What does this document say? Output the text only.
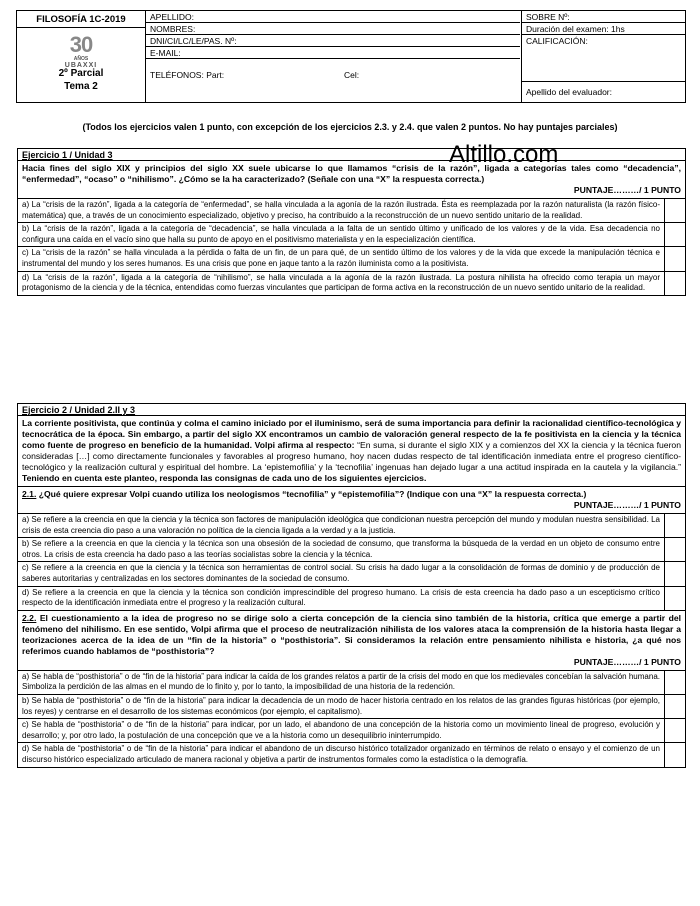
FILOSOFÍA 1C-2019
30
AÑOS
UBAXXI
2º Parcial
Tema 2
APELLIDO:
NOMBRES:
DNI/CI/LC/LE/PAS. Nº:
E-MAIL:
TELÉFONOS: Part:	Cel:
SOBRE Nº:
Duración del examen: 1hs
CALIFICACIÓN:
Apellido del evaluador:
(Todos los ejercicios valen 1 punto, con excepción de los ejercicios 2.3. y 2.4. que valen 2 puntos. No hay puntajes parciales)
Altillo.com
Ejercicio 1 / Unidad 3
Hacia fines del siglo XIX y principios del siglo XX suele ubicarse lo que llamamos “crisis de la razón”, ligada a categorías tales como “decadencia”, “enfermedad”, “ocaso” o “nihilismo”. ¿Cómo se la ha caracterizado? (Señale con una “X” la respuesta correcta.)
PUNTAJE………/ 1 PUNTO
a) La “crisis de la razón”, ligada a la categoría de “enfermedad”, se halla vinculada a la agonía de la razón ilustrada. Ésta es reemplazada por la razón naturalista (la razón físico-matemática) que, a través de un conocimiento especializado, objetivo y preciso, ha contribuido a la reconstrucción de un nuevo sentido unitario de la realidad.	
b) La “crisis de la razón”, ligada a la categoría de “decadencia”, se halla vinculada a la falta de un sentido último y unificado de los valores y de la vida. Esa decadencia no configura una caída en el vacío sino que halla su punto de apoyo en el positivismo materialista y en la especialización científica.	
c) La “crisis de la razón” se halla vinculada a la pérdida o falta de un fin, de un para qué, de un sentido último de los valores y de la vida que excede la manipulación técnica e instrumental del mundo y los seres humanos. Es una crisis que pone en jaque tanto a la razón iluminista como a la positivista.	
d) La “crisis de la razón”, ligada a la categoría de “nihilismo”, se halla vinculada a la agonía de la razón ilustrada. La postura nihilista ha ofrecido como terapia un mayor protagonismo de la ciencia y de la técnica, entendidas como fuerzas vinculantes que participan de forma activa en la reconstrucción de un nuevo sentido unitario de la realidad.	
Ejercicio 2 / Unidad 2.II y 3
La corriente positivista, que continúa y colma el camino iniciado por el iluminismo, será de suma importancia para definir la racionalidad científico-tecnológica y tecnocrática de la época. Sin embargo, a partir del siglo XX encontramos un cambio de valoración general respecto de la fe positivista en la ciencia y la técnica como fuente de progreso en beneficio de la humanidad. Volpi afirma al respecto: “En suma, si durante el siglo XIX y a comienzos del XX la ciencia y la técnica fueron consideradas […] como directamente funcionales y favorables al progreso humano, hoy nacen dudas respecto de tal identificación inmediata entre el progreso científico-tecnológico y la realización cultural y espiritual del hombre. La ‘epistemofilia’ y la ‘tecnofilia’ ingenuas han dejado lugar a una actitud inspirada en la cautela y la vigilancia.” Teniendo en cuenta este planteo, responda las consignas de cada uno de los siguientes ejercicios.
2.1. ¿Qué quiere expresar Volpi cuando utiliza los neologismos “tecnofilia” y “epistemofilia”? (Indique con una “X” la respuesta correcta.)
PUNTAJE………/ 1 PUNTO
a) Se refiere a la creencia en que la ciencia y la técnica son factores de manipulación ideológica que condicionan nuestra percepción del mundo y modulan nuestra sensibilidad. La crisis de esta creencia dio paso a una valoración no política de la ciencia ligada a la verdad y a la justicia.	
b) Se refiere a la creencia en que la ciencia y la técnica son una obsesión de la sociedad de consumo, que transforma la búsqueda de la verdad en un objeto de consumo entre otros. La crisis de esta creencia ha dado paso a las teorías socialistas sobre la ciencia y la técnica.	
c) Se refiere a la creencia en que la ciencia y la técnica son herramientas de control social. Su crisis ha dado lugar a la consolidación de formas de dominio y de producción de saberes autoritarias y centralizadas en los sectores dominantes de la sociedad de consumo.	
d) Se refiere a la creencia en que la ciencia y la técnica son condición imprescindible del progreso humano. La crisis de esta creencia ha dado paso a un escepticismo crítico respecto de la identificación inmediata entre el progreso y la realización cultural.	
2.2. El cuestionamiento a la idea de progreso no se dirige solo a cierta concepción de la ciencia sino también de la historia, crítica que emerge a partir del fenómeno del nihilismo. En ese sentido, Volpi afirma que el proceso de neutralización nihilista de los valores ataca la comprensión de la historia hasta llegar a teorizaciones acerca de la idea de un “fin de la historia” o “posthistoria”. Si consideramos la relación entre pensamiento nihilista e historia, ¿a qué nos referimos cuando hablamos de “posthistoria”?
PUNTAJE………/ 1 PUNTO
a) Se habla de “posthistoria” o de “fin de la historia” para indicar la caída de los grandes relatos a partir de la crisis del modo en que los medievales concebían la salvación humana. Simboliza la perdición de las almas en el mundo de lo finito y, por lo tanto, la imposibilidad de una historia de la redención.	
b) Se habla de “posthistoria” o de “fin de la historia” para indicar la decadencia de un modo de hacer historia centrado en los relatos de las grandes figuras históricas (por ejemplo, los reyes) y centrarse en el desarrollo de los sistemas económicos (por ejemplo, el capitalismo).	
c) Se habla de “posthistoria” o de “fin de la historia” para indicar, por un lado, el abandono de una concepción de la historia como un movimiento lineal de progreso, evolución y desarrollo; y, por otro lado, la postulación de una concepción que ve a la historia como un desequilibrio ininterrumpido.	
d) Se habla de “posthistoria” o de “fin de la historia” para indicar el abandono de un discurso histórico totalizador organizado en términos de relato o ensayo y el comienzo de un discurso histórico especializado articulado de manera racional y objetiva a partir de instrumentos formales como la estadística o la demografía.	
